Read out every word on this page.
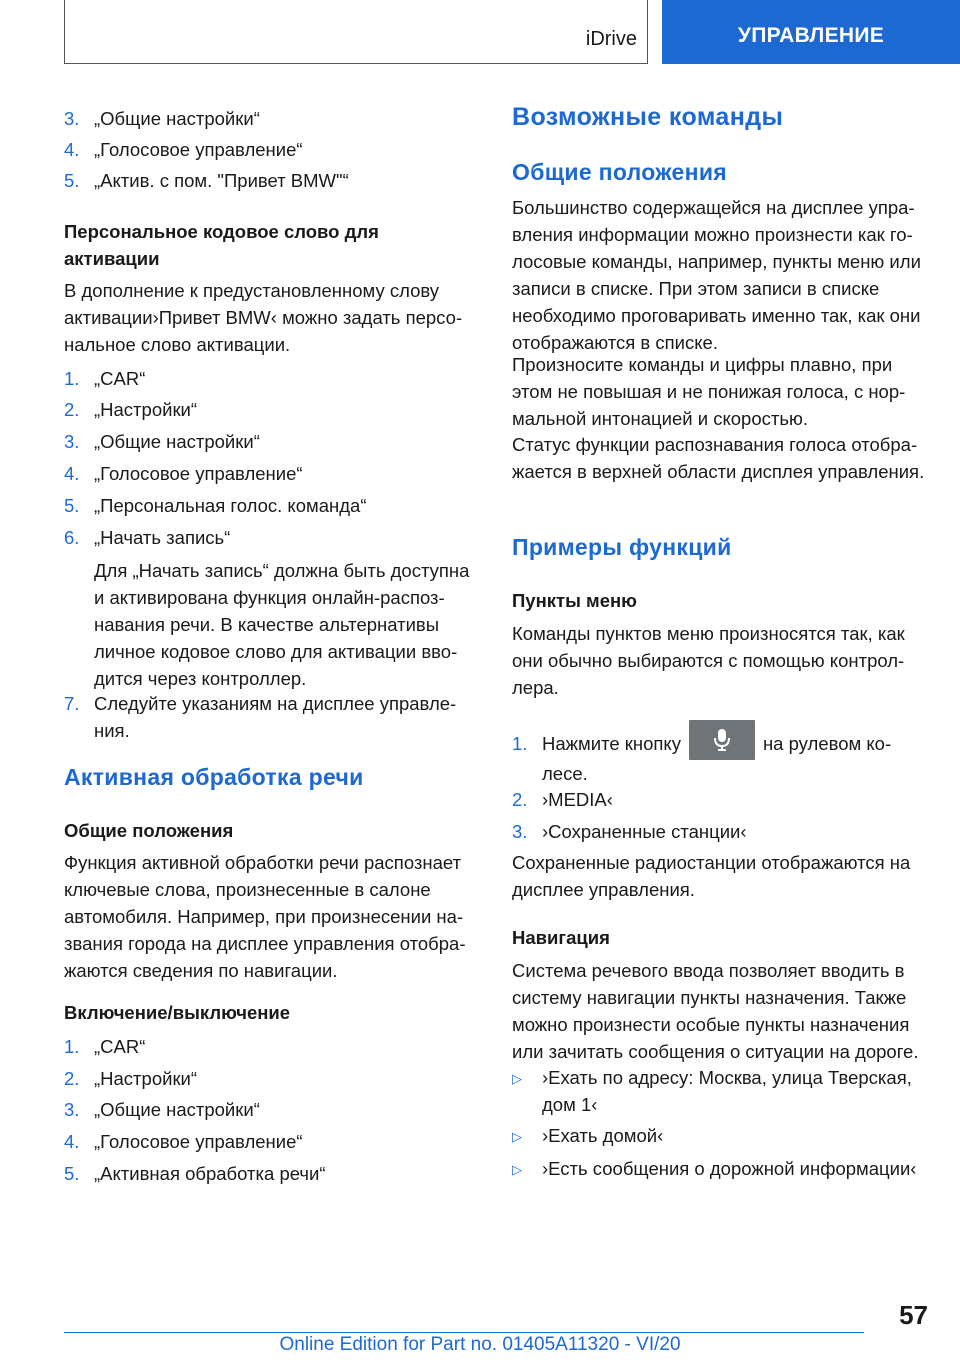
iDrive	УПРАВЛЕНИЕ
3. „Общие настройки“
4. „Голосовое управление“
5. „Актив. с пом. "Привет BMW"“
Персональное кодовое слово для активации
В дополнение к предустановленному слову активации›Привет BMW‹ можно задать персональное слово активации.
1. „CAR“
2. „Настройки“
3. „Общие настройки“
4. „Голосовое управление“
5. „Персональная голос. команда“
6. „Начать запись“
Для „Начать запись“ должна быть доступна и активирована функция онлайн-распознавания речи. В качестве альтернативы личное кодовое слово для активации вводится через контроллер.
7. Следуйте указаниям на дисплее управления.
Активная обработка речи
Общие положения
Функция активной обработки речи распознает ключевые слова, произнесенные в салоне автомобиля. Например, при произнесении названия города на дисплее управления отображаются сведения по навигации.
Включение/выключение
1. „CAR“
2. „Настройки“
3. „Общие настройки“
4. „Голосовое управление“
5. „Активная обработка речи“
Возможные команды
Общие положения
Большинство содержащейся на дисплее управления информации можно произнести как голосовые команды, например, пункты меню или записи в списке. При этом записи в списке необходимо проговаривать именно так, как они отображаются в списке.
Произносите команды и цифры плавно, при этом не повышая и не понижая голоса, с нормальной интонацией и скоростью.
Статус функции распознавания голоса отображается в верхней области дисплея управления.
Примеры функций
Пункты меню
Команды пунктов меню произносятся так, как они обычно выбираются с помощью контроллера.
1. Нажмите кнопку	на рулевом колесе.
2. ›MEDIA‹
3. ›Сохраненные станции‹
Сохраненные радиостанции отображаются на дисплее управления.
Навигация
Система речевого ввода позволяет вводить в систему навигации пункты назначения. Также можно произнести особые пункты назначения или зачитать сообщения о ситуации на дороге.
▷	›Ехать по адресу: Москва, улица Тверская, дом 1‹
▷	›Ехать домой‹
▷	›Есть сообщения о дорожной информации‹
57
Online Edition for Part no. 01405A11320 - VI/20
